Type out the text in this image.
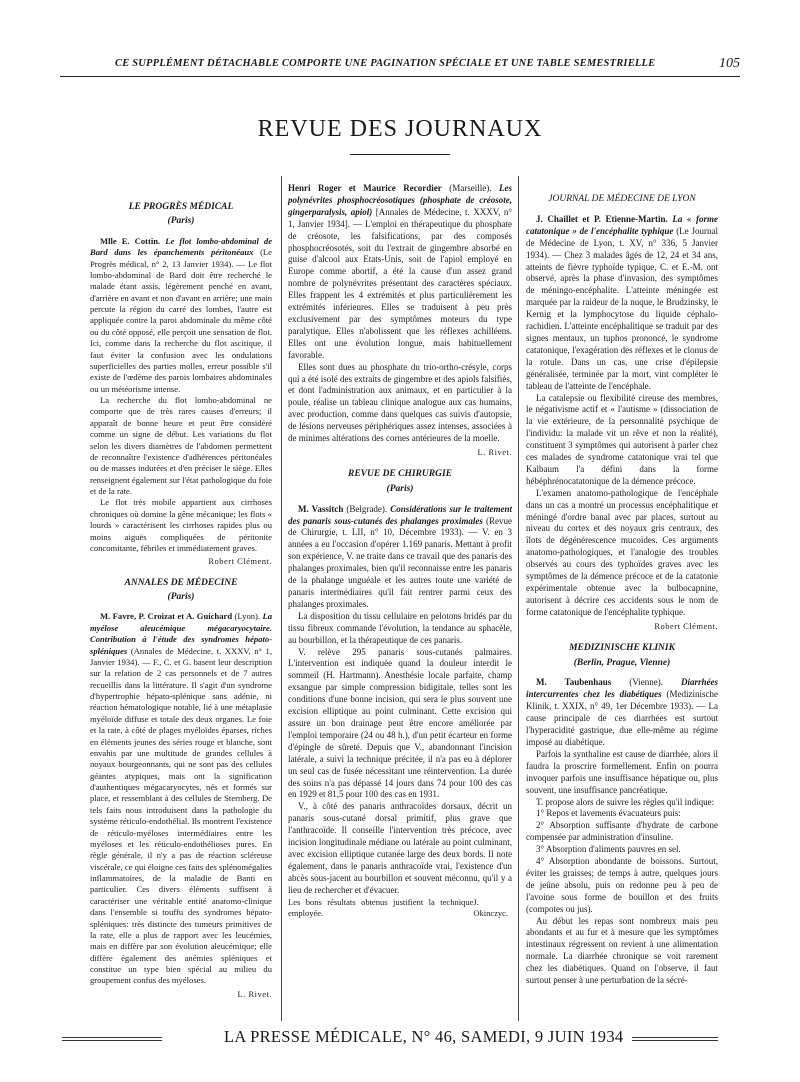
CE SUPPLÉMENT DÉTACHABLE COMPORTE UNE PAGINATION SPÉCIALE ET UNE TABLE SEMESTRIELLE	105
REVUE DES JOURNAUX
LE PROGRÈS MÉDICAL
(Paris)

Mlle E. Cottin. Le flot lombo-abdominal de Bard dans les épanchements péritonéaux (Le Progrès médical, n° 2, 13 Janvier 1934). — Le flot lombo-abdominal de Bard doit être recherché le malade étant assis, légèrement penché en avant, d'arrière en avant et non d'avant en arrière; une main percute la région du carré des lombes, l'autre est appliquée contre la paroi abdominale du même côté ou du côté opposé, elle perçoit une sensation de flot. Ici, comme dans la recherche du flot ascitique, il faut éviter la confusion avec les ondulations superficielles des parties molles, erreur possible s'il existe de l'œdème des parois lombaires abdominales ou un météorisme intense.

La recherche du flot lombo-abdominal ne comporte que de très rares causes d'erreurs; il apparaît de bonne heure et peut être considéré comme un signe de début. Les variations du flot selon les divers diamètres de l'abdomen permettent de reconnaître l'existence d'adhérences péritonéales ou de masses indurées et d'en préciser le siège. Elles renseignent également sur l'état pathologique du foie et de la rate.

Le flot très mobile appartient aux cirrhoses chroniques où domine la gêne mécanique; les flots « lourds » caractérisent les cirrhoses rapides plus ou moins aiguës compliquées de péritonite concomitante, fébriles et immédiatement graves.

Robert Clément.
ANNALES DE MÉDECINE
(Paris)

M. Favre, P. Croizat et A. Guichard (Lyon). La myélose aleucémique mégacaryocytaire. Contribution à l'étude des syndromes hépato-spléniques (Annales de Médecine, t. XXXV, n° 1, Janvier 1934). — F., C. et G. basent leur description sur la relation de 2 cas personnels et de 7 autres recueillis dans la littérature. Il s'agit d'un syndrome d'hypertrophie hépato-splénique sans adénie, ni réaction hématologique notable, lié à une métaplasie myéloïde diffuse et totale des deux organes. Le foie et la rate, à côté de plages myéloïdes éparses, riches en éléments jeunes des séries rouge et blanche, sont envahis par une multitude de grandes cellules à noyaux bourgeonnants, qui ne sont pas des cellules géantes atypiques, mais ont la signification d'authentiques mégacaryocytes, nés et formés sur place, et ressemblant à des cellules de Sternberg. De tels faits nous introduisent dans la pathologie du système réticulo-endothélial. Ils montrent l'existence de réticulo-myéloses intermédiaires entre les myéloses et les réticulo-endothélioses pures. En règle générale, il n'y a pas de réaction scléreuse viscérale, ce qui éloigne ces faits des splénomégalies inflammatoires, de la maladie de Banti en particulier. Ces divers éléments suffisent à caractériser une véritable entité anatomo-clinique dans l'ensemble si touffu des syndromes hépato-spléniques: très distincte des tumeurs primitives de la rate, elle a plus de rapport avec les leucémies, mais en diffère par son évolution aleucémique; elle diffère également des anémies spléniques et constitue un type bien spécial au milieu du groupement confus des myéloses.

L. Rivet.

Henri Roger et Maurice Recordier (Marseille). Les polynévrites phosphocréosotiques (phosphate de créosote, gingerparalysis, apiol) [Annales de Médecine, t. XXXV, n° 1, Janvier 1934]. — L'emploi en thérapeutique du phosphate de créosote, les falsifications, par des composés phosphocréosotés, soit du l'extrait de gingembre absorbé en guise d'alcool aux Etats-Unis, soit de l'apiol employé en Europe comme abortif, a été la cause d'un assez grand nombre de polynévrites présentant des caractères spéciaux. Elles frappent les 4 extrémités et plus particulièrement les extrémités inférieures. Elles se traduisent à peu près exclusivement par des symptômes moteurs du type paralytique. Elles n'abolissent que les réflexes achilléens. Elles ont une évolution longue, mais habituellement favorable.

Elles sont dues au phosphate du trio-ortho-crésyle, corps qui a été isolé des extraits de gingembre et des apiols falsifiés, et dont l'administration aux animaux, et en particulier à la poule, réalise un tableau clinique analogue aux cas humains, avec production, comme dans quelques cas suivis d'autopsie, de lésions nerveuses périphériques assez intenses, associées à de minimes altérations des cornes antérieures de la moelle.

L. Rivet.
REVUE DE CHIRURGIE
(Paris)

M. Vassitch (Belgrade). Considérations sur le traitement des panaris sous-cutanés des phalanges proximales (Revue de Chirurgie, t. LII, n° 10, Décembre 1933). — V. en 3 années a eu l'occasion d'opérer 1.169 panaris. Mettant à profit son expérience, V. ne traite dans ce travail que des panaris des phalanges proximales, bien qu'il reconnaisse entre les panaris de la phalange unguéale et les autres toute une variété de panaris intermédiaires qu'il fait rentrer parmi ceux des phalanges proximales.

La disposition du tissu cellulaire en pelotons bridés par du tissu fibreux commande l'évolution, la tendance au sphacèle, au bourbillon, et la thérapeutique de ces panaris.

V. relève 295 panaris sous-cutanés palmaires. L'intervention est indiquée quand la douleur interdit le sommeil (H. Hartmann). Anesthésie locale parfaite, champ exsangue par simple compression bidigitale, telles sont les conditions d'une bonne incision, qui sera le plus souvent une excision elliptique au point culminant. Cette excision qui assure un bon drainage peut être encore améliorée par l'emploi temporaire (24 ou 48 h.), d'un petit écarteur en forme d'épingle de sûreté. Depuis que V., abandonnant l'incision latérale, a suivi la technique précitée, il n'a pas eu à déplorer un seul cas de fusée nécessitant une réintervention. La durée des soins n'a pas dépassé 14 jours dans 74 pour 100 des cas en 1929 et 81,5 pour 100 des cas en 1931.

V., à côté des panaris anthracoïdes dorsaux, décrit un panaris sous-cutané dorsal primitif, plus grave que l'anthracoïde. Il conseille l'intervention très précoce, avec incision longitudinale médiane ou latérale au point culminant, avec excision elliptique cutanée large des deux bords. Il note également, dans le panaris anthracoïde vrai, l'existence d'un abcès sous-jacent au bourbillon et souvent méconnu, qu'il y a lieu de rechercher et d'évacuer.

Les bons résultats obtenus justifient la technique employée.
J. Okinczyc.
JOURNAL DE MÉDECINE DE LYON

J. Chaillet et P. Etienne-Martin. La « forme catatonique » de l'encéphalite typhique (Le Journal de Médecine de Lyon, t. XV, n° 336, 5 Janvier 1934). — Chez 3 malades âgés de 12, 24 et 34 ans, atteints de fièvre typhoïde typique, C. et E.-M. ont observé, après la phase d'invasion, des symptômes de méningo-encéphalite. L'atteinte méningée est marquée par la raideur de la nuque, le Brudzinsky, le Kernig et la lymphocytose du liquide céphalo-rachidien. L'atteinte encéphalitique se traduit par des signes mentaux, un tuphos prononcé, le syndrome catatonique, l'exagération des réflexes et le clonus de la rotule. Dans un cas, une crise d'épilepsie généralisée, terminée par la mort, vint compléter le tableau de l'atteinte de l'encéphale.

La catalepsie ou flexibilité cireuse des membres, le négativisme actif et « l'autisme » (dissociation de la vie extérieure, de la personnalité psychique de l'individu: la malade vit un rêve et non la réalité), constituent 3 symptômes qui autorisent à parler chez ces malades de syndrome catatonique vrai tel que Kalbaum l'a défini dans la forme hébéphrénocatatonique de la démence précoce.

L'examen anatomo-pathologique de l'encéphale dans un cas a montré un processus encéphalitique et méningé d'ordre banal avec par places, surtout au niveau du cortex et des noyaux gris centraux, des îlots de dégénérescence mucoïdes. Ces arguments anatomo-pathologiques, et l'analogie des troubles observés au cours des typhoïdes graves avec les symptômes de la démence précoce et de la catatonie expérimentale obtenue avec la bulbocapnine, autorisent à décrire ces accidents sous le nom de forme catatonique de l'encéphalite typhique.

Robert Clément.
MEDIZINISCHE KLINIK
(Berlin, Prague, Vienne)

M. Taubenhaus (Vienne). Diarrhées intercurrentes chez les diabétiques (Medizinische Klinik, t. XXIX, n° 49, 1er Décembre 1933). — La cause principale de ces diarrhées est surtout l'hyperacidité gastrique, due elle-même au régime imposé au diabétique.

Parfois la synthaline est cause de diarrhée, alors il faudra la proscrire formellement. Enfin on pourra invoquer parfois une insuffisance hépatique ou, plus souvent, une insuffisance pancréatique.

T. propose alors de suivre les règles qu'il indique:

1° Repos et lavements évacuateurs puis:

2° Absorption suffisante d'hydrate de carbone compensée par administration d'insuline.

3° Absorption d'aliments pauvres en sel.

4° Absorption abondante de boissons. Surtout, éviter les graisses; de temps à autre, quelques jours de jeûne absolu, puis on redonne peu à peu de l'avoine sous forme de bouillon et des fruits (compotes ou jus).

Au début les repas sont nombreux mais peu abondants et au fur et à mesure que les symptômes intestinaux régressent on revient à une alimentation normale. La diarrhée chronique se voit rarement chez les diabétiques. Quand on l'observe, il faut surtout penser à une perturbation de la sécré-

LA PRESSE MÉDICALE, N° 46, SAMEDI, 9 JUIN 1934
